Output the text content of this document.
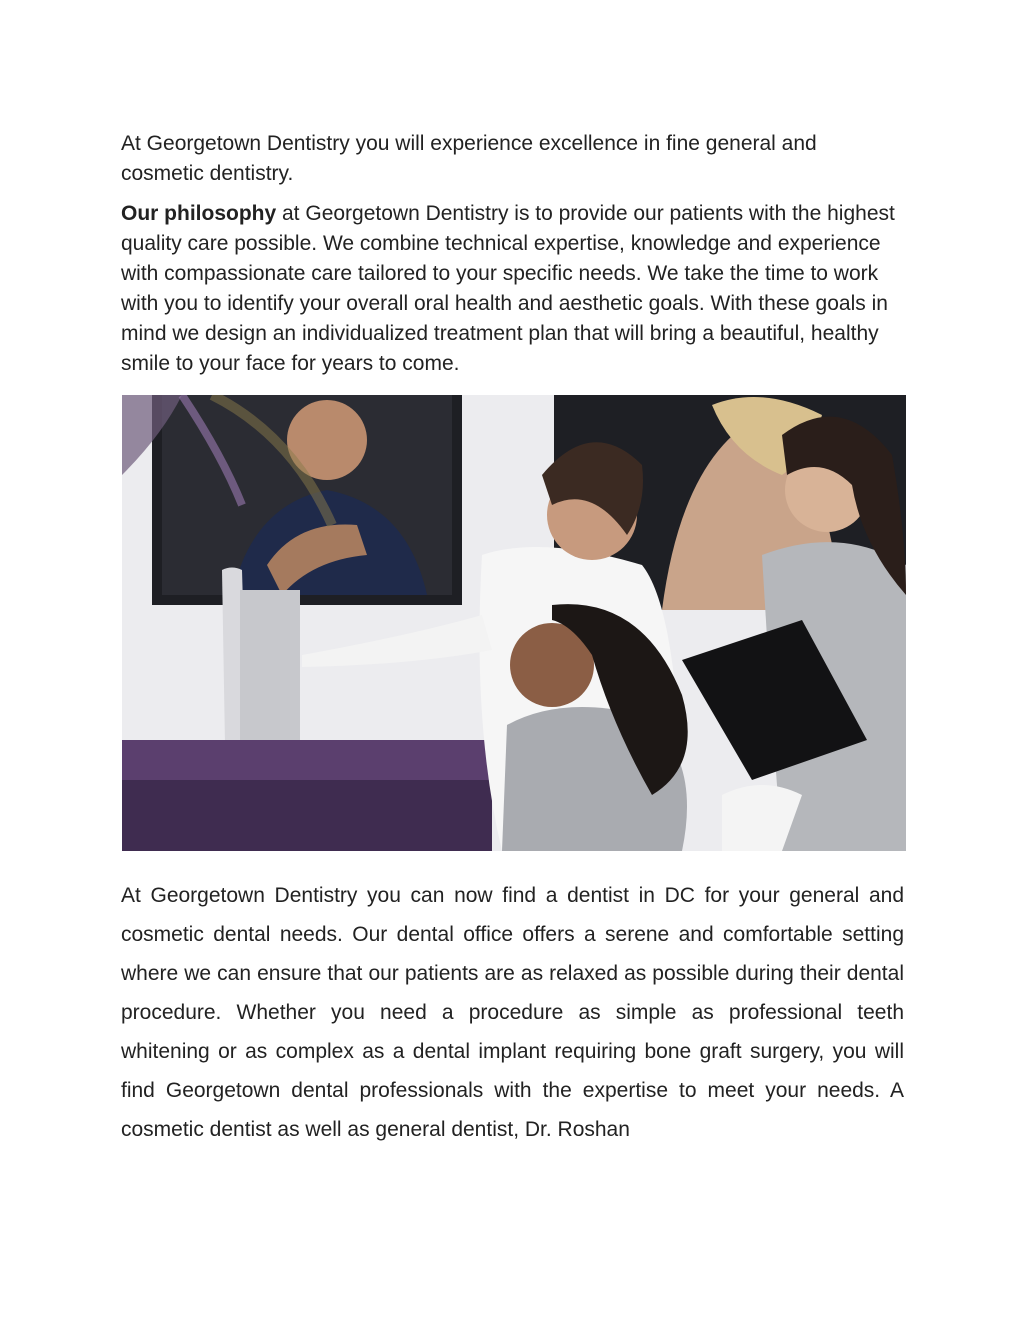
At Georgetown Dentistry you will experience excellence in fine general and cosmetic dentistry.

Our philosophy at Georgetown Dentistry is to provide our patients with the highest quality care possible. We combine technical expertise, knowledge and experience with compassionate care tailored to your specific needs. We take the time to work with you to identify your overall oral health and aesthetic goals. With these goals in mind we design an individualized treatment plan that will bring a beautiful, healthy smile to your face for years to come.

At Georgetown Dentistry you can now find a dentist in DC for your general and cosmetic dental needs. Our dental office offers a serene and comfortable setting where we can ensure that our patients are as relaxed as possible during their dental procedure. Whether you need a procedure as simple as professional teeth whitening or as complex as a dental implant requiring bone graft surgery, you will find Georgetown dental professionals with the expertise to meet your needs. A cosmetic dentist as well as general dentist, Dr. Roshan
